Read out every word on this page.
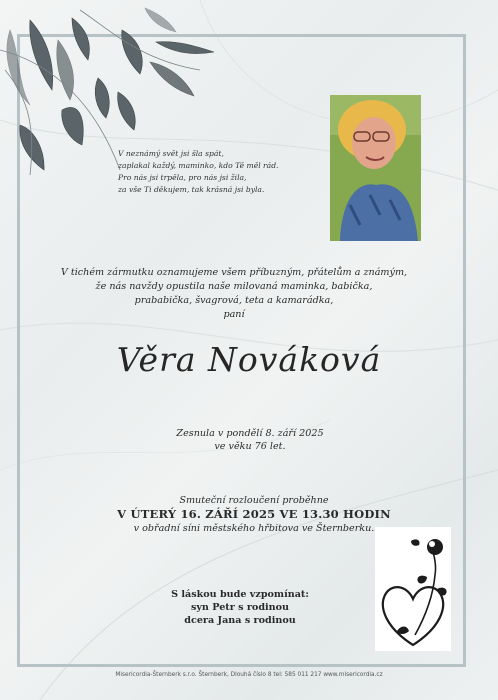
V neznámý svět jsi šla spát,
zaplakal každý, maminko, kdo Tě měl rád.
Pro nás jsi trpěla, pro nás jsi žila,
za vše Ti děkujem, tak krásná jsi byla.
V tichém zármutku oznamujeme všem příbuzným, přátelům a známým,
že nás navždy opustila naše milovaná maminka, babička,
prababička, švagrová, teta a kamarádka,
paní
Věra Nováková
Zesnula v pondělí 8. září 2025
ve věku 76 let.
Smuteční rozloučení proběhne
V ÚTERÝ 16. ZÁŘÍ 2025 VE 13.30 HODIN
v obřadní síni městského hřbitova ve Šternberku.
S láskou bude vzpomínat:
syn Petr s rodinou
dcera Jana s rodinou
Misericordia-Šternberk s.r.o. Šternberk, Dlouhá číslo 8 tel: 585 011 217 www.misericordia.cz
